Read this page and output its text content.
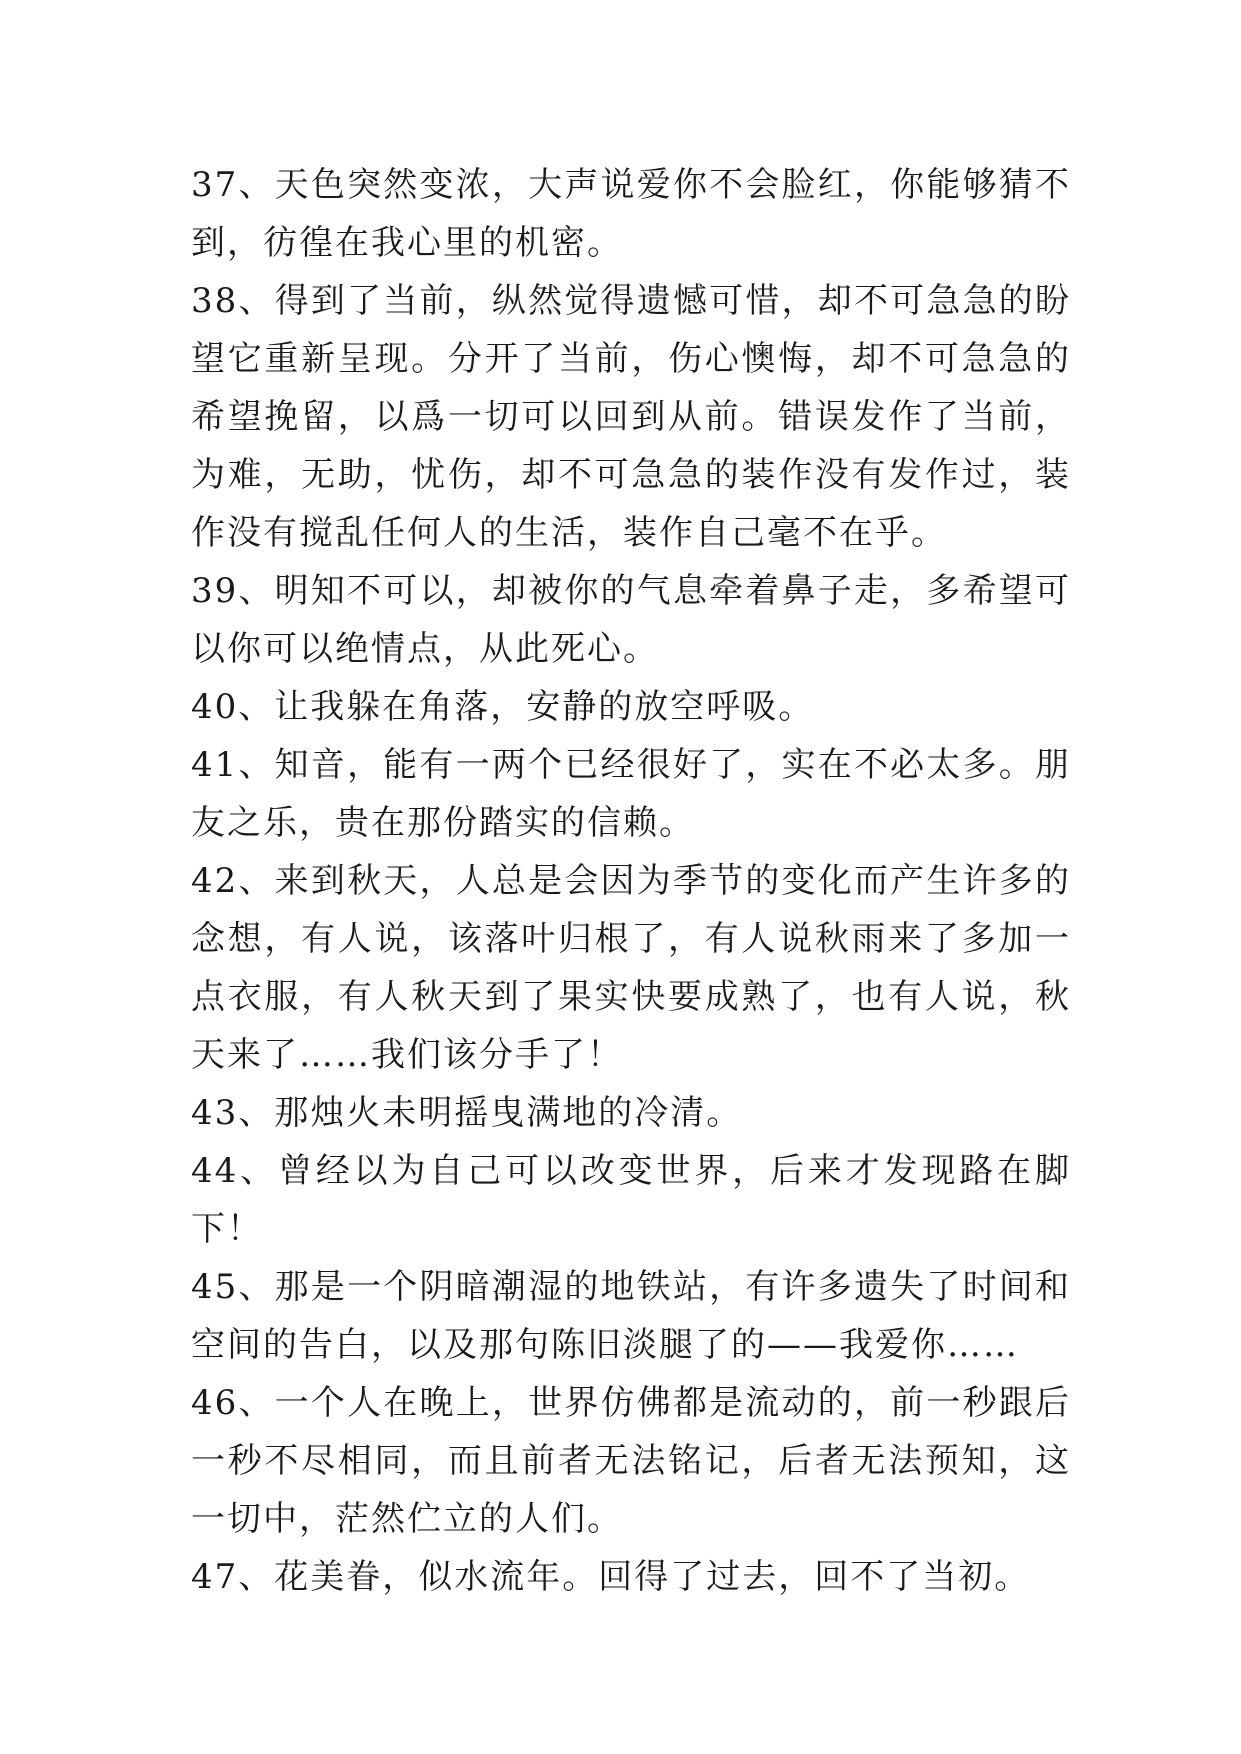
37、天色突然变浓，大声说爱你不会脸红，你能够猜不到，彷徨在我心里的机密。

38、得到了当前，纵然觉得遗憾可惜，却不可急急的盼望它重新呈现。分开了当前，伤心懊悔，却不可急急的希望挽留，以爲一切可以回到从前。错误发作了当前，为难，无助，忧伤，却不可急急的装作没有发作过，装作没有搅乱任何人的生活，装作自己毫不在乎。

39、明知不可以，却被你的气息牵着鼻子走，多希望可以你可以绝情点，从此死心。

40、让我躲在角落，安静的放空呼吸。

41、知音，能有一两个已经很好了，实在不必太多。朋友之乐，贵在那份踏实的信赖。

42、来到秋天，人总是会因为季节的变化而产生许多的念想，有人说，该落叶归根了，有人说秋雨来了多加一点衣服，有人秋天到了果实快要成熟了，也有人说，秋天来了……我们该分手了！

43、那烛火未明摇曳满地的冷清。

44、曾经以为自己可以改变世界，后来才发现路在脚下！

45、那是一个阴暗潮湿的地铁站，有许多遗失了时间和空间的告白，以及那句陈旧淡腿了的——我爱你……

46、一个人在晚上，世界仿佛都是流动的，前一秒跟后一秒不尽相同，而且前者无法铭记，后者无法预知，这一切中，茫然伫立的人们。

47、花美眷，似水流年。回得了过去，回不了当初。
